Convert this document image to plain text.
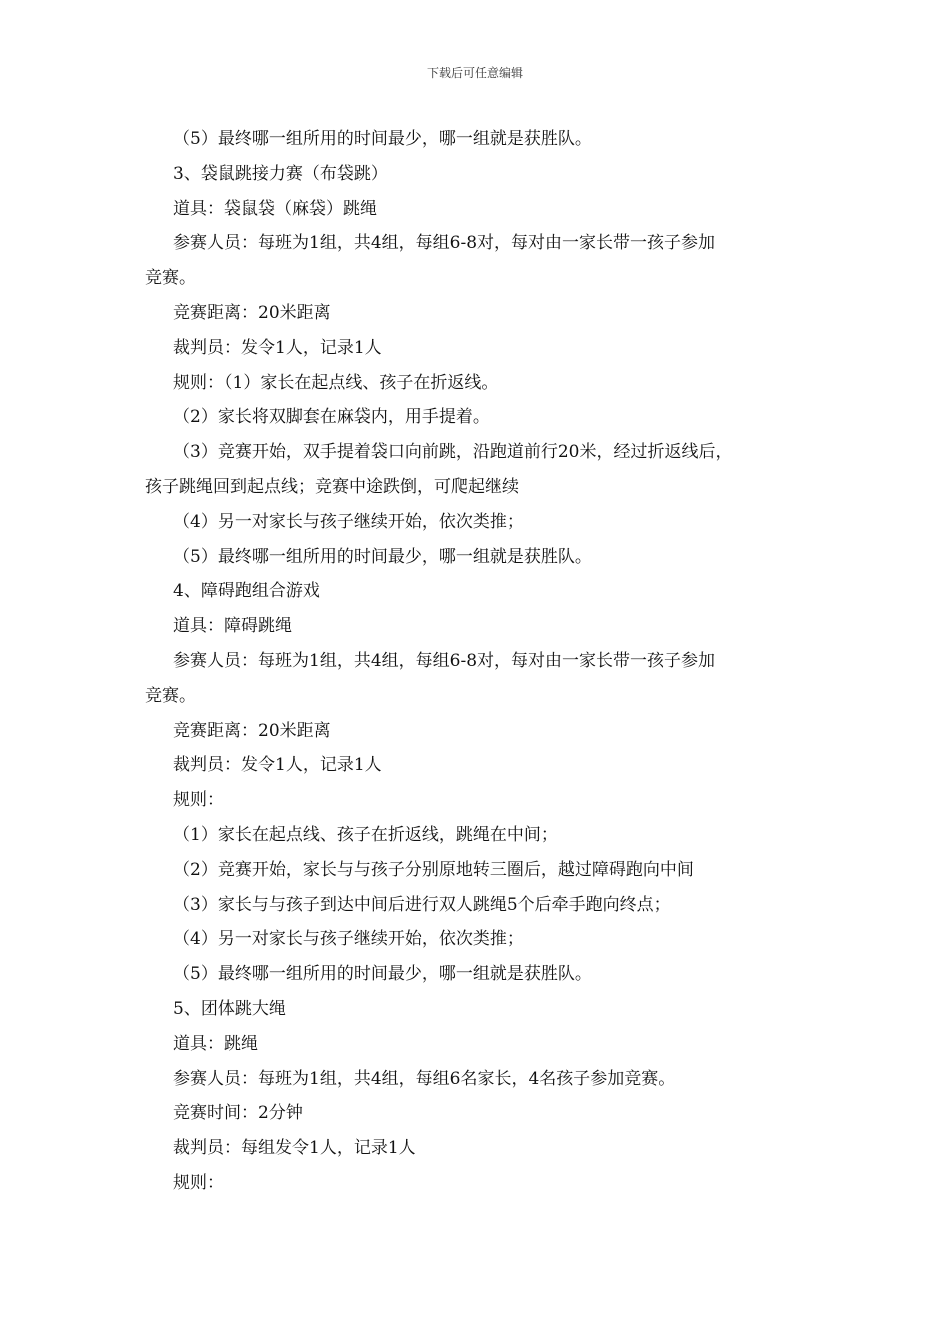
下载后可任意编辑
（5）最终哪一组所用的时间最少，哪一组就是获胜队。
3、袋鼠跳接力赛（布袋跳）
道具：袋鼠袋（麻袋）跳绳
参赛人员：每班为1组，共4组，每组6-8对，每对由一家长带一孩子参加
竞赛。
竞赛距离：20米距离
裁判员：发令1人，记录1人
规则：（1）家长在起点线、孩子在折返线。
（2）家长将双脚套在麻袋内，用手提着。
（3）竞赛开始，双手提着袋口向前跳，沿跑道前行20米，经过折返线后，
孩子跳绳回到起点线；竞赛中途跌倒，可爬起继续
（4）另一对家长与孩子继续开始，依次类推；
（5）最终哪一组所用的时间最少，哪一组就是获胜队。
4、障碍跑组合游戏
道具：障碍跳绳
参赛人员：每班为1组，共4组，每组6-8对，每对由一家长带一孩子参加
竞赛。
竞赛距离：20米距离
裁判员：发令1人，记录1人
规则：
（1）家长在起点线、孩子在折返线，跳绳在中间；
（2）竞赛开始，家长与与孩子分别原地转三圈后，越过障碍跑向中间
（3）家长与与孩子到达中间后进行双人跳绳5个后牵手跑向终点；
（4）另一对家长与孩子继续开始，依次类推；
（5）最终哪一组所用的时间最少，哪一组就是获胜队。
5、团体跳大绳
道具：跳绳
参赛人员：每班为1组，共4组，每组6名家长，4名孩子参加竞赛。
竞赛时间：2分钟
裁判员：每组发令1人，记录1人
规则：
